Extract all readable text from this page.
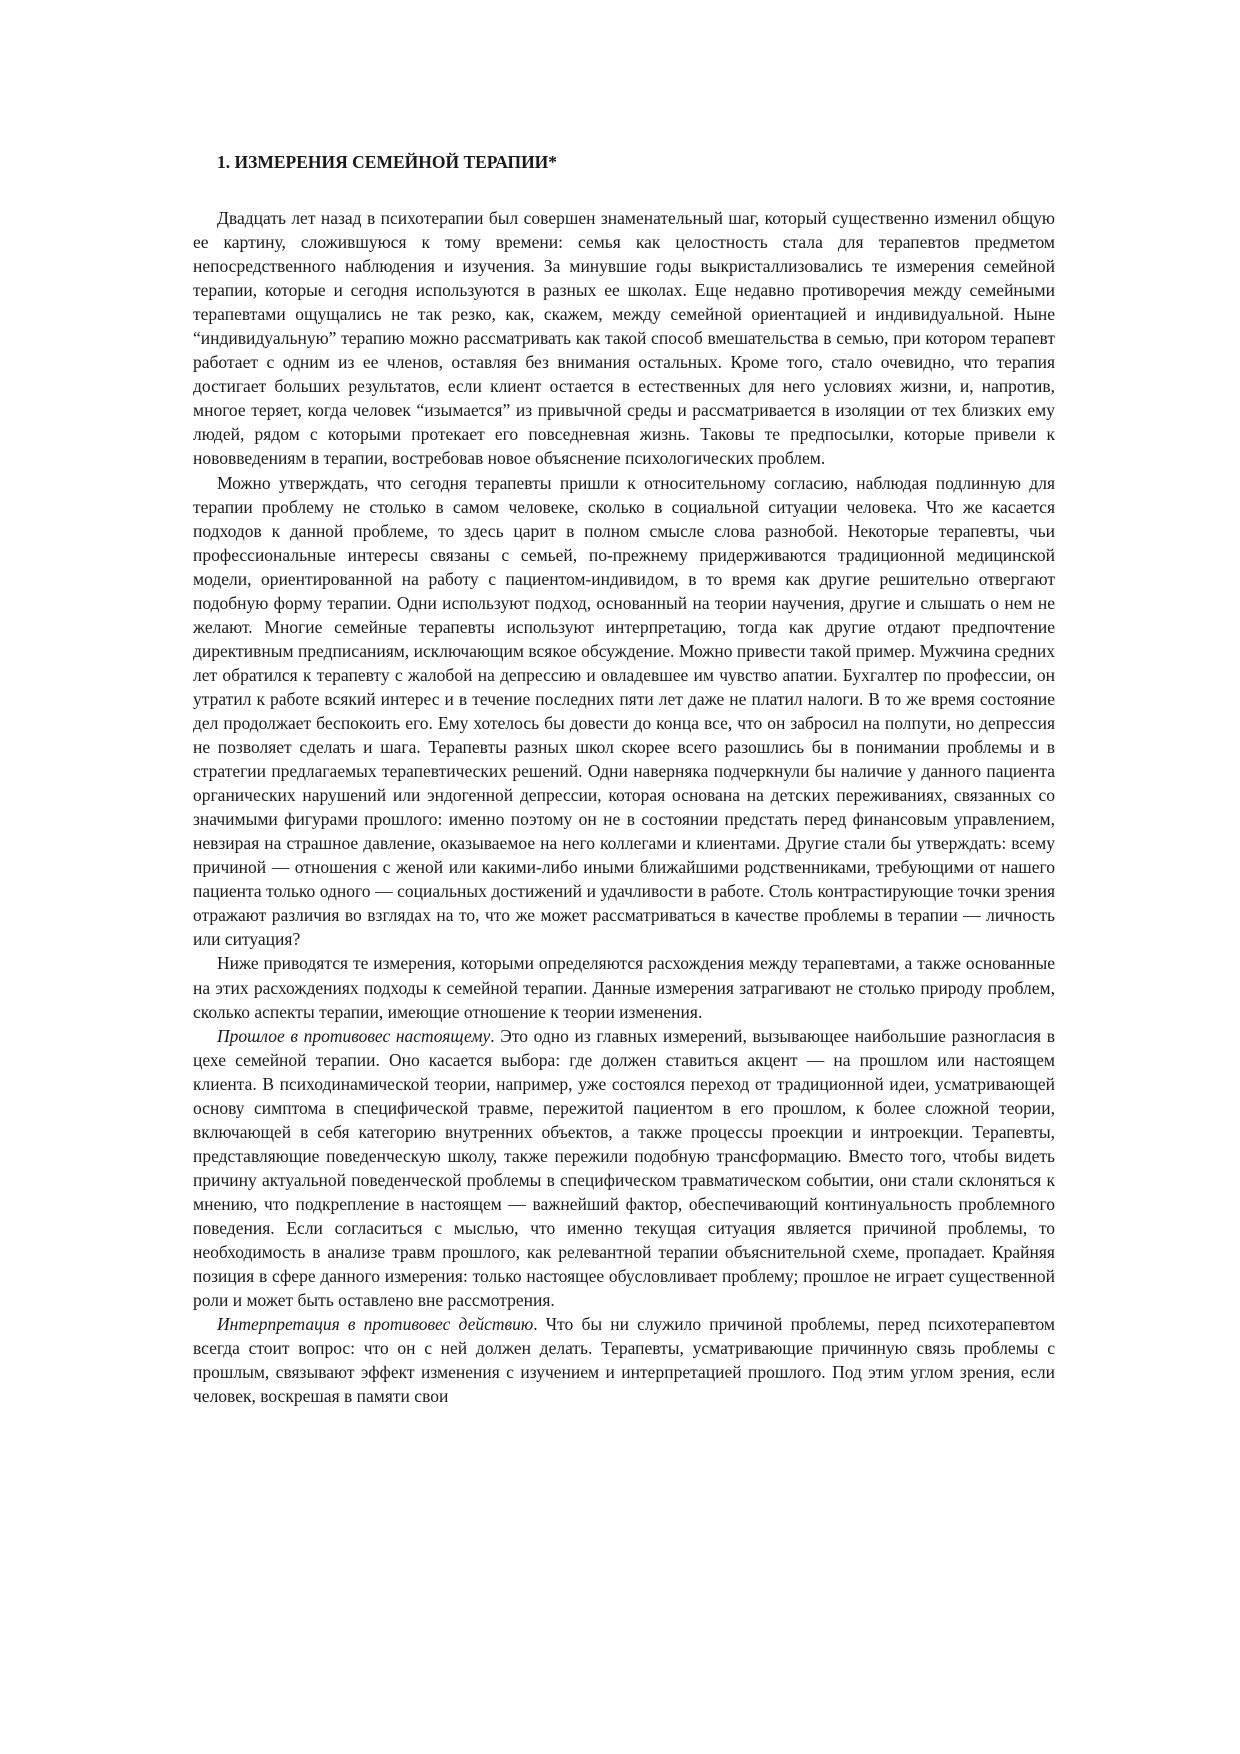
1. ИЗМЕРЕНИЯ СЕМЕЙНОЙ ТЕРАПИИ*

Двадцать лет назад в психотерапии был совершен знаменательный шаг, который существенно изменил общую ее картину, сложившуюся к тому времени: семья как целостность стала для терапевтов предметом непосредственного наблюдения и изучения. За минувшие годы выкристаллизовались те измерения семейной терапии, которые и сегодня используются в разных ее школах. Еще недавно противоречия между семейными терапевтами ощущались не так резко, как, скажем, между семейной ориентацией и индивидуальной. Ныне “индивидуальную” терапию можно рассматривать как такой способ вмешательства в семью, при котором терапевт работает с одним из ее членов, оставляя без внимания остальных. Кроме того, стало очевидно, что терапия достигает больших результатов, если клиент остается в естественных для него условиях жизни, и, напротив, многое теряет, когда человек “изымается” из привычной среды и рассматривается в изоляции от тех близких ему людей, рядом с которыми протекает его повседневная жизнь. Таковы те предпосылки, которые привели к нововведениям в терапии, востребовав новое объяснение психологических проблем.

Можно утверждать, что сегодня терапевты пришли к относительному согласию, наблюдая подлинную для терапии проблему не столько в самом человеке, сколько в социальной ситуации человека. Что же касается подходов к данной проблеме, то здесь царит в полном смысле слова разнобой. Некоторые терапевты, чьи профессиональные интересы связаны с семьей, по-прежнему придерживаются традиционной медицинской модели, ориентированной на работу с пациентом-индивидом, в то время как другие решительно отвергают подобную форму терапии. Одни используют подход, основанный на теории научения, другие и слышать о нем не желают. Многие семейные терапевты используют интерпретацию, тогда как другие отдают предпочтение директивным предписаниям, исключающим всякое обсуждение. Можно привести такой пример. Мужчина средних лет обратился к терапевту с жалобой на депрессию и овладевшее им чувство апатии. Бухгалтер по профессии, он утратил к работе всякий интерес и в течение последних пяти лет даже не платил налоги. В то же время состояние дел продолжает беспокоить его. Ему хотелось бы довести до конца все, что он забросил на полпути, но депрессия не позволяет сделать и шага. Терапевты разных школ скорее всего разошлись бы в понимании проблемы и в стратегии предлагаемых терапевтических решений. Одни наверняка подчеркнули бы наличие у данного пациента органических нарушений или эндогенной депрессии, которая основана на детских переживаниях, связанных со значимыми фигурами прошлого: именно поэтому он не в состоянии предстать перед финансовым управлением, невзирая на страшное давление, оказываемое на него коллегами и клиентами. Другие стали бы утверждать: всему причиной — отношения с женой или какими-либо иными ближайшими родственниками, требующими от нашего пациента только одного — социальных достижений и удачливости в работе. Столь контрастирующие точки зрения отражают различия во взглядах на то, что же может рассматриваться в качестве проблемы в терапии — личность или ситуация?

Ниже приводятся те измерения, которыми определяются расхождения между терапевтами, а также основанные на этих расхождениях подходы к семейной терапии. Данные измерения затрагивают не столько природу проблем, сколько аспекты терапии, имеющие отношение к теории изменения.

Прошлое в противовес настоящему. Это одно из главных измерений, вызывающее наибольшие разногласия в цехе семейной терапии. Оно касается выбора: где должен ставиться акцент — на прошлом или настоящем клиента. В психодинамической теории, например, уже состоялся переход от традиционной идеи, усматривающей основу симптома в специфической травме, пережитой пациентом в его прошлом, к более сложной теории, включающей в себя категорию внутренних объектов, а также процессы проекции и интроекции. Терапевты, представляющие поведенческую школу, также пережили подобную трансформацию. Вместо того, чтобы видеть причину актуальной поведенческой проблемы в специфическом травматическом событии, они стали склоняться к мнению, что подкрепление в настоящем — важнейший фактор, обеспечивающий континуальность проблемного поведения. Если согласиться с мыслью, что именно текущая ситуация является причиной проблемы, то необходимость в анализе травм прошлого, как релевантной терапии объяснительной схеме, пропадает. Крайняя позиция в сфере данного измерения: только настоящее обусловливает проблему; прошлое не играет существенной роли и может быть оставлено вне рассмотрения.

Интерпретация в противовес действию. Что бы ни служило причиной проблемы, перед психотерапевтом всегда стоит вопрос: что он с ней должен делать. Терапевты, усматривающие причинную связь проблемы с прошлым, связывают эффект изменения с изучением и интерпретацией прошлого. Под этим углом зрения, если человек, воскрешая в памяти свои
